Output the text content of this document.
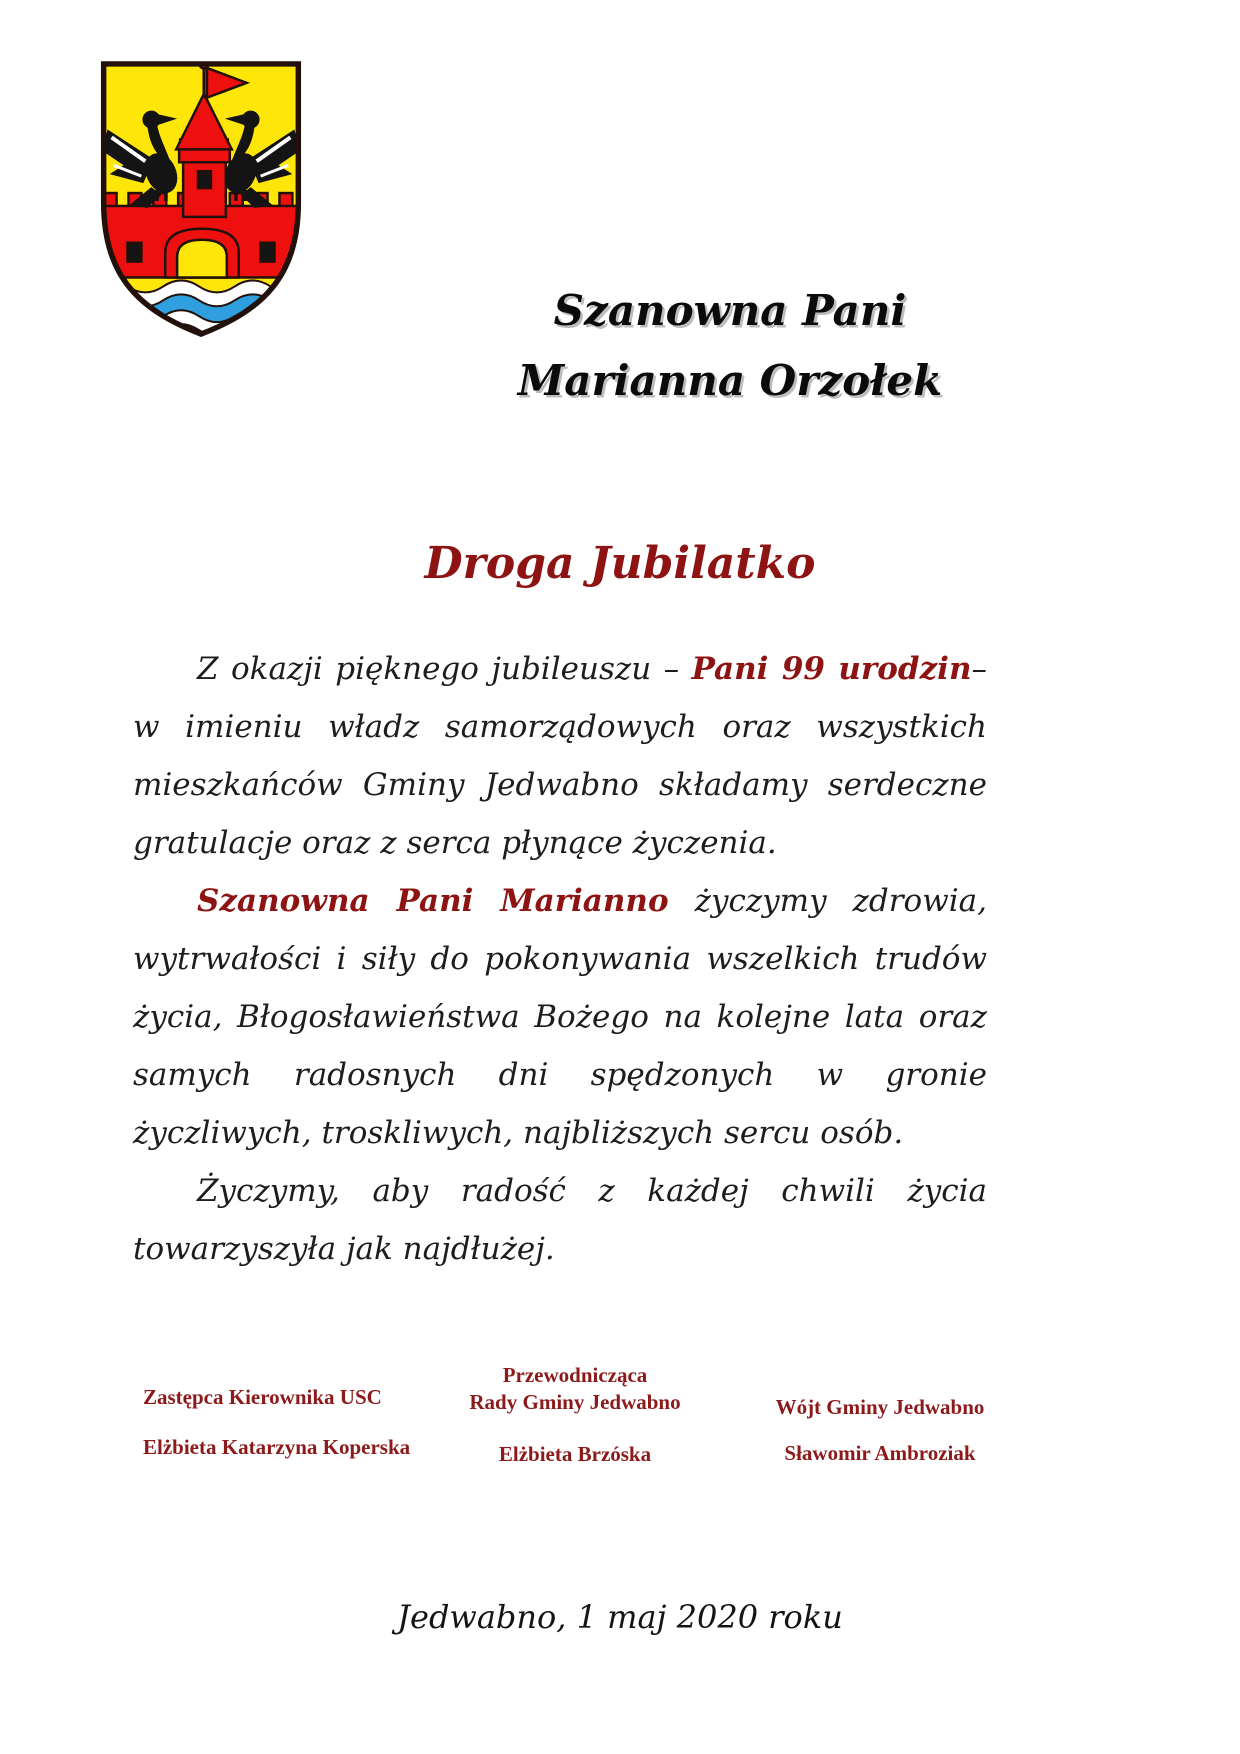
Szanowna Pani
Marianna Orzołek
Droga Jubilatko

Z okazji pięknego jubileuszu – Pani 99 urodzin– w imieniu władz samorządowych oraz wszystkich mieszkańców Gminy Jedwabno składamy serdeczne gratulacje oraz z serca płynące życzenia.

Szanowna Pani Marianno życzymy zdrowia, wytrwałości i siły do pokonywania wszelkich trudów życia, Błogosławieństwa Bożego na kolejne lata oraz samych radosnych dni spędzonych w gronie życzliwych, troskliwych, najbliższych sercu osób.

Życzymy, aby radość z każdej chwili życia towarzyszyła jak najdłużej.

Zastępca Kierownika USC
Elżbieta Katarzyna Koperska
Przewodnicząca
Rady Gminy Jedwabno
Elżbieta Brzóska
Wójt Gminy Jedwabno
Sławomir Ambroziak
Jedwabno, 1 maj 2020 roku
